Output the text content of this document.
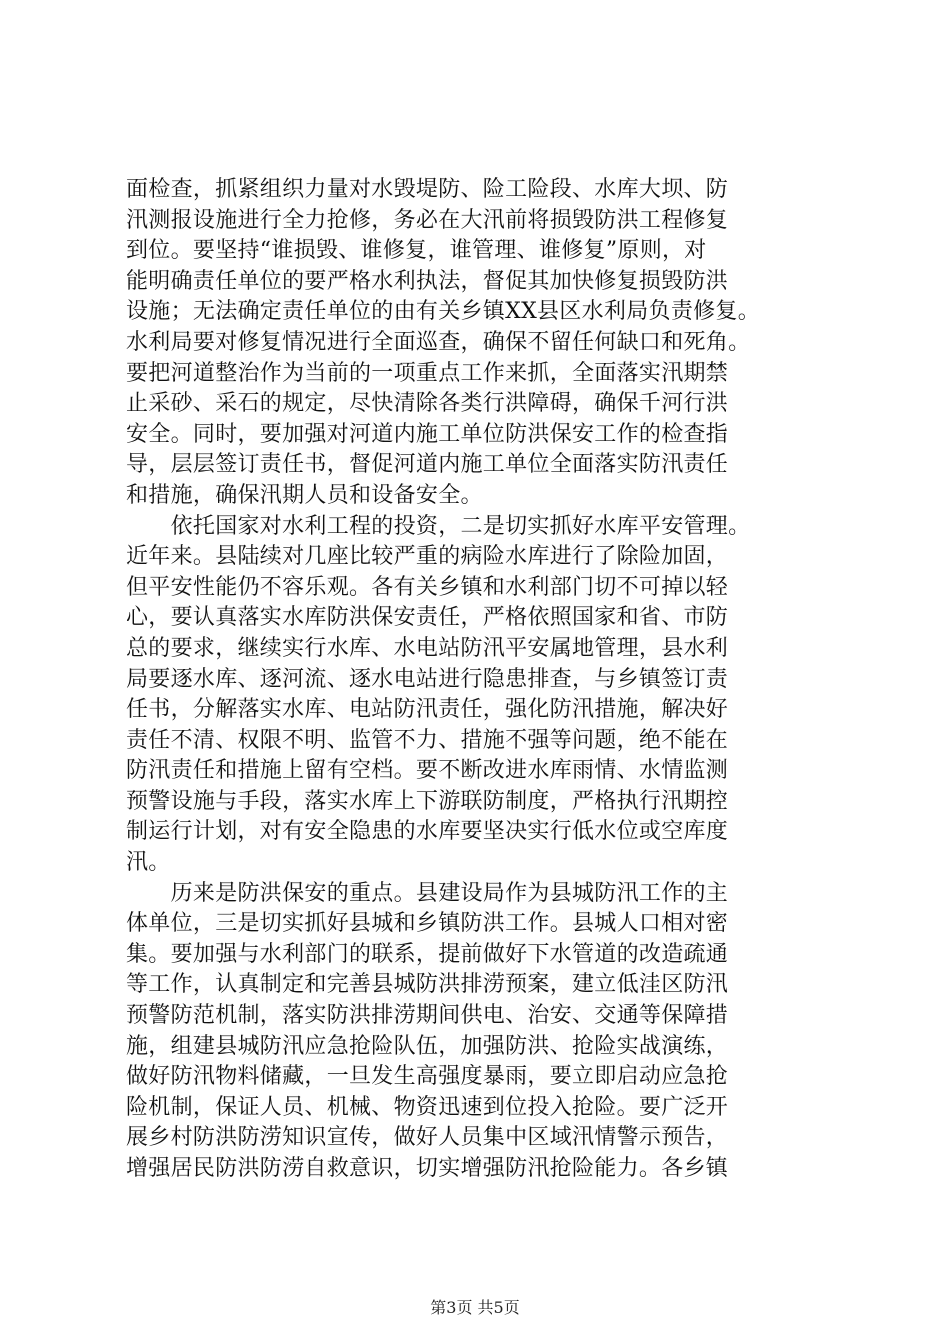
面检查，抓紧组织力量对水毁堤防、险工险段、水库大坝、防
汛测报设施进行全力抢修，务必在大汛前将损毁防洪工程修复
到位。要坚持“谁损毁、谁修复，谁管理、谁修复”原则，对
能明确责任单位的要严格水利执法，督促其加快修复损毁防洪
设施；无法确定责任单位的由有关乡镇XX县区水利局负责修复。
水利局要对修复情况进行全面巡查，确保不留任何缺口和死角。
要把河道整治作为当前的一项重点工作来抓，全面落实汛期禁
止采砂、采石的规定，尽快清除各类行洪障碍，确保千河行洪
安全。同时，要加强对河道内施工单位防洪保安工作的检查指
导，层层签订责任书，督促河道内施工单位全面落实防汛责任
和措施，确保汛期人员和设备安全。
　　依托国家对水利工程的投资，二是切实抓好水库平安管理。
近年来。县陆续对几座比较严重的病险水库进行了除险加固，
但平安性能仍不容乐观。各有关乡镇和水利部门切不可掉以轻
心，要认真落实水库防洪保安责任，严格依照国家和省、市防
总的要求，继续实行水库、水电站防汛平安属地管理，县水利
局要逐水库、逐河流、逐水电站进行隐患排查，与乡镇签订责
任书，分解落实水库、电站防汛责任，强化防汛措施，解决好
责任不清、权限不明、监管不力、措施不强等问题，绝不能在
防汛责任和措施上留有空档。要不断改进水库雨情、水情监测
预警设施与手段，落实水库上下游联防制度，严格执行汛期控
制运行计划，对有安全隐患的水库要坚决实行低水位或空库度
汛。
　　历来是防洪保安的重点。县建设局作为县城防汛工作的主
体单位，三是切实抓好县城和乡镇防洪工作。县城人口相对密
集。要加强与水利部门的联系，提前做好下水管道的改造疏通
等工作，认真制定和完善县城防洪排涝预案，建立低洼区防汛
预警防范机制，落实防洪排涝期间供电、治安、交通等保障措
施，组建县城防汛应急抢险队伍，加强防洪、抢险实战演练，
做好防汛物料储藏，一旦发生高强度暴雨，要立即启动应急抢
险机制，保证人员、机械、物资迅速到位投入抢险。要广泛开
展乡村防洪防涝知识宣传，做好人员集中区域汛情警示预告，
增强居民防洪防涝自救意识，切实增强防汛抢险能力。各乡镇
第3页 共5页
